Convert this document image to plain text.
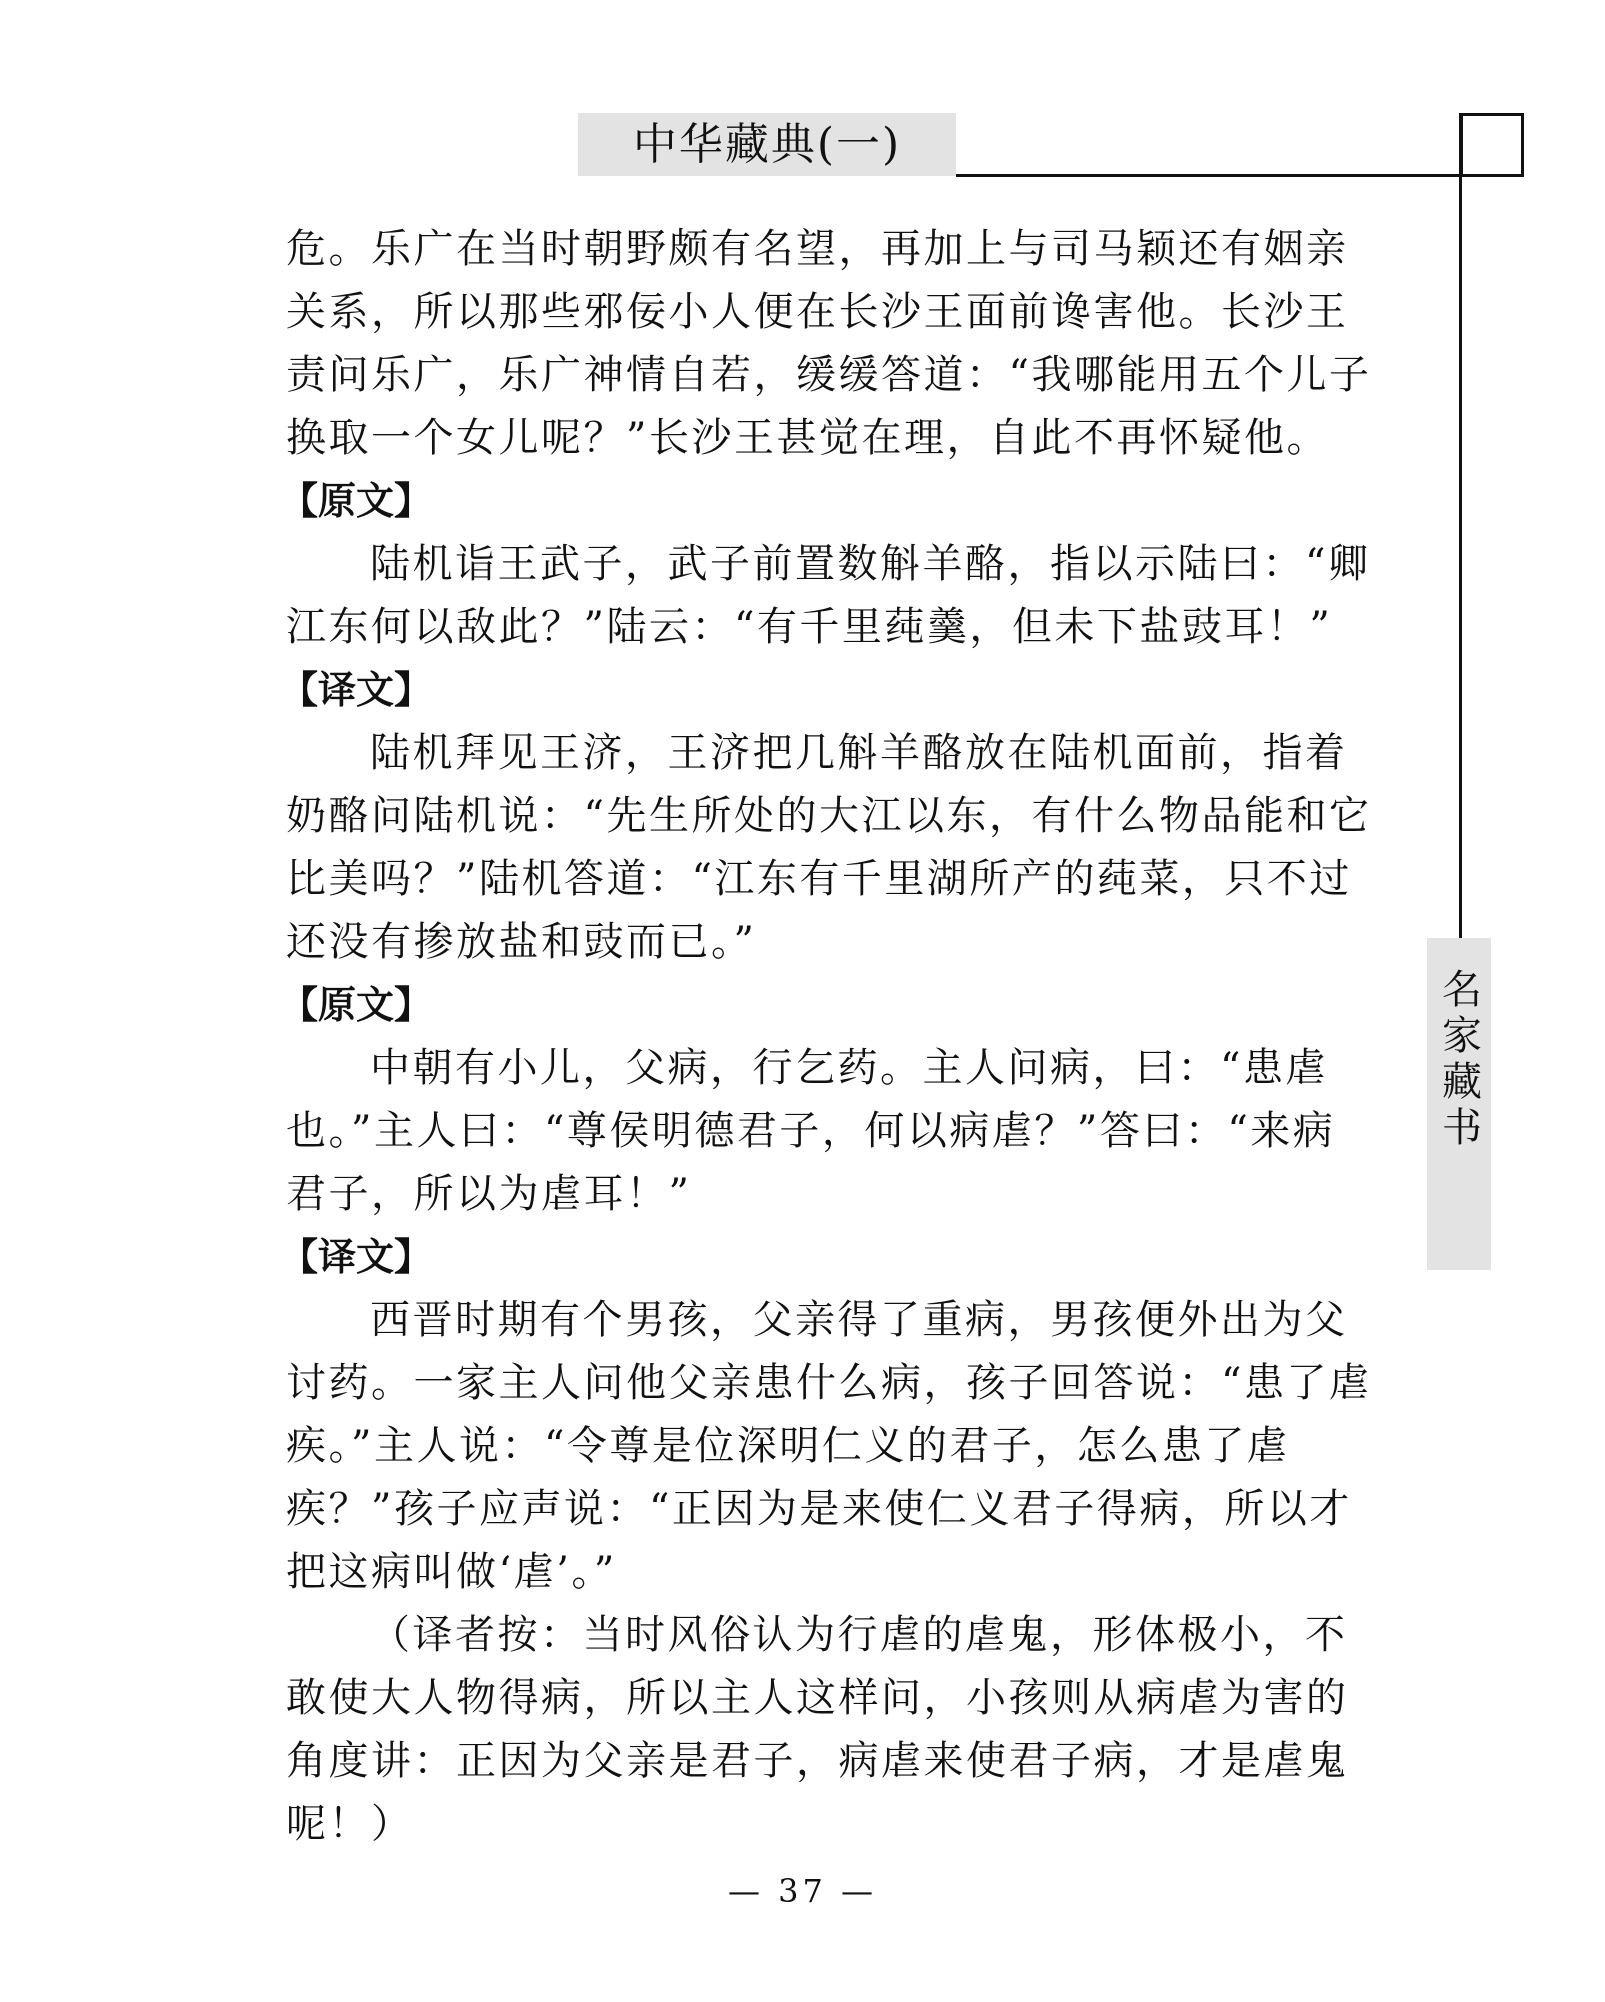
中华藏典(一)
名家藏书

危。乐广在当时朝野颇有名望，再加上与司马颖还有姻亲关系，所以那些邪佞小人便在长沙王面前谗害他。长沙王责问乐广，乐广神情自若，缓缓答道：“我哪能用五个儿子换取一个女儿呢？”长沙王甚觉在理，自此不再怀疑他。

【原文】

陆机诣王武子，武子前置数斛羊酪，指以示陆曰：“卿江东何以敌此？”陆云：“有千里莼羹，但未下盐豉耳！”

【译文】

陆机拜见王济，王济把几斛羊酪放在陆机面前，指着奶酪问陆机说：“先生所处的大江以东，有什么物品能和它比美吗？”陆机答道：“江东有千里湖所产的莼菜，只不过还没有掺放盐和豉而已。”

【原文】

中朝有小儿，父病，行乞药。主人问病，曰：“患虐也。”主人曰：“尊侯明德君子，何以病虐？”答曰：“来病君子，所以为虐耳！”

【译文】

西晋时期有个男孩，父亲得了重病，男孩便外出为父讨药。一家主人问他父亲患什么病，孩子回答说：“患了虐疾。”主人说：“令尊是位深明仁义的君子，怎么患了虐疾？”孩子应声说：“正因为是来使仁义君子得病，所以才把这病叫做‘虐’。”

（译者按：当时风俗认为行虐的虐鬼，形体极小，不敢使大人物得病，所以主人这样问，小孩则从病虐为害的角度讲：正因为父亲是君子，病虐来使君子病，才是虐鬼呢！）

— 37 —
